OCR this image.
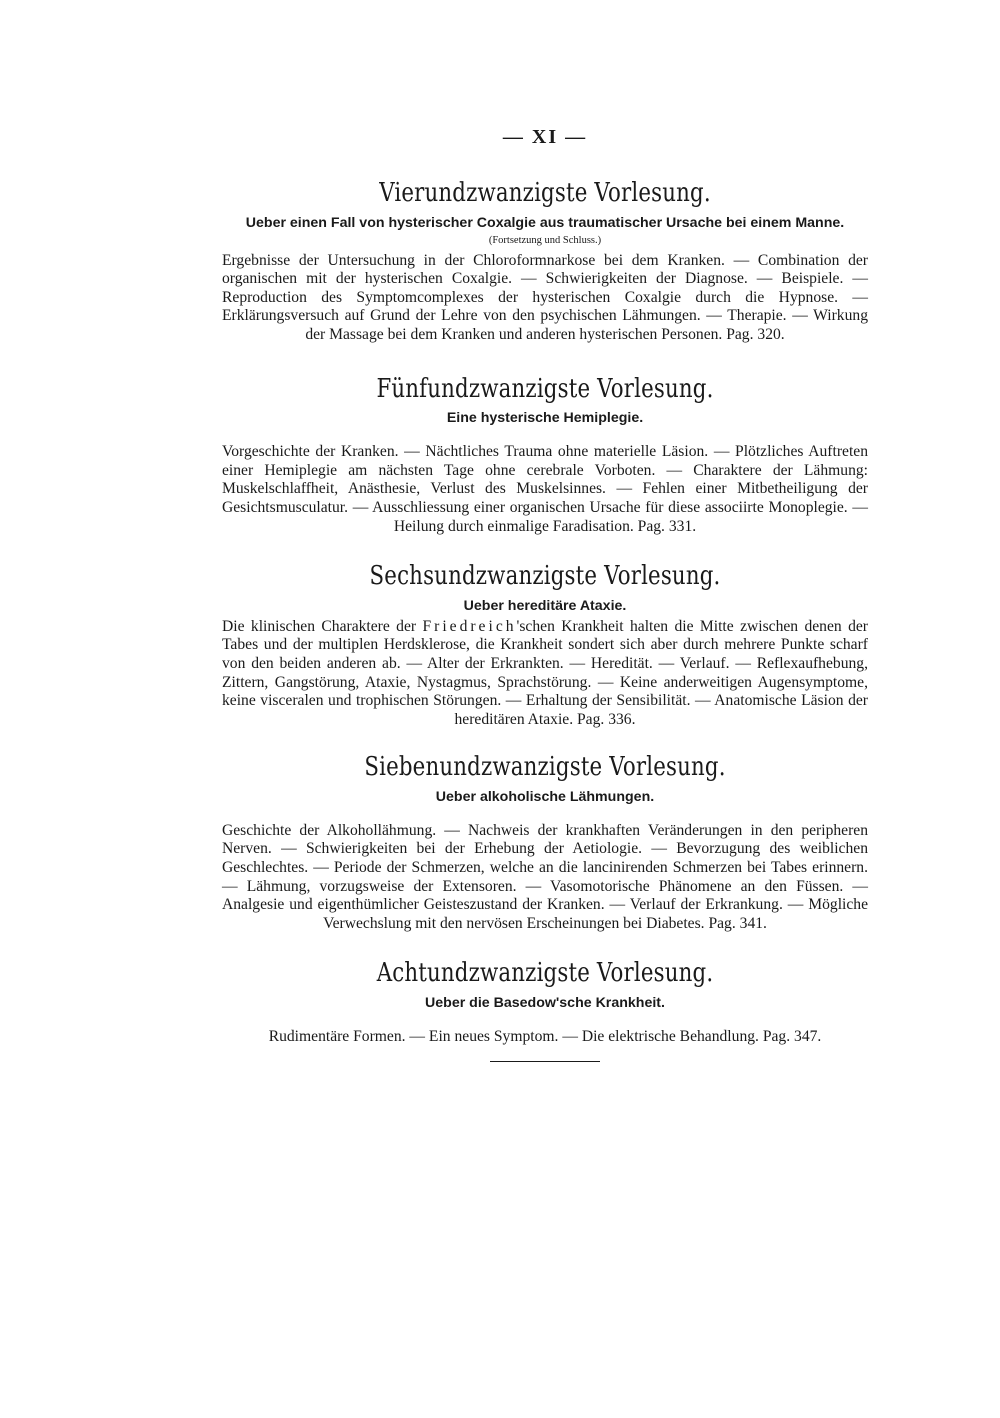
— XI —
Vierundzwanzigste Vorlesung.

Ueber einen Fall von hysterischer Coxalgie aus traumatischer Ursache bei einem Manne.

(Fortsetzung und Schluss.)

Ergebnisse der Untersuchung in der Chloroformnarkose bei dem Kranken. — Combination der organischen mit der hysterischen Coxalgie. — Schwierigkeiten der Diagnose. — Beispiele. — Reproduction des Symptomcomplexes der hysterischen Coxalgie durch die Hypnose. — Erklärungsversuch auf Grund der Lehre von den psychischen Lähmungen. — Therapie. — Wirkung der Massage bei dem Kranken und anderen hysterischen Personen. Pag. 320.

Fünfundzwanzigste Vorlesung.

Eine hysterische Hemiplegie.

Vorgeschichte der Kranken. — Nächtliches Trauma ohne materielle Läsion. — Plötzliches Auftreten einer Hemiplegie am nächsten Tage ohne cerebrale Vorboten. — Charaktere der Lähmung: Muskelschlaffheit, Anästhesie, Verlust des Muskelsinnes. — Fehlen einer Mitbetheiligung der Gesichtsmusculatur. — Ausschliessung einer organischen Ursache für diese associirte Monoplegie. — Heilung durch einmalige Faradisation. Pag. 331.

Sechsundzwanzigste Vorlesung.

Ueber hereditäre Ataxie.

Die klinischen Charaktere der Friedreich'schen Krankheit halten die Mitte zwischen denen der Tabes und der multiplen Herdsklerose, die Krankheit sondert sich aber durch mehrere Punkte scharf von den beiden anderen ab. — Alter der Erkrankten. — Heredität. — Verlauf. — Reflexaufhebung, Zittern, Gangstörung, Ataxie, Nystagmus, Sprachstörung. — Keine anderweitigen Augensymptome, keine visceralen und trophischen Störungen. — Erhaltung der Sensibilität. — Anatomische Läsion der hereditären Ataxie. Pag. 336.

Siebenundzwanzigste Vorlesung.

Ueber alkoholische Lähmungen.

Geschichte der Alkohollähmung. — Nachweis der krankhaften Veränderungen in den peripheren Nerven. — Schwierigkeiten bei der Erhebung der Aetiologie. — Bevorzugung des weiblichen Geschlechtes. — Periode der Schmerzen, welche an die lancinirenden Schmerzen bei Tabes erinnern. — Lähmung, vorzugsweise der Extensoren. — Vasomotorische Phänomene an den Füssen. — Analgesie und eigenthümlicher Geisteszustand der Kranken. — Verlauf der Erkrankung. — Mögliche Verwechslung mit den nervösen Erscheinungen bei Diabetes. Pag. 341.

Achtundzwanzigste Vorlesung.

Ueber die Basedow'sche Krankheit.

Rudimentäre Formen. — Ein neues Symptom. — Die elektrische Behandlung. Pag. 347.
